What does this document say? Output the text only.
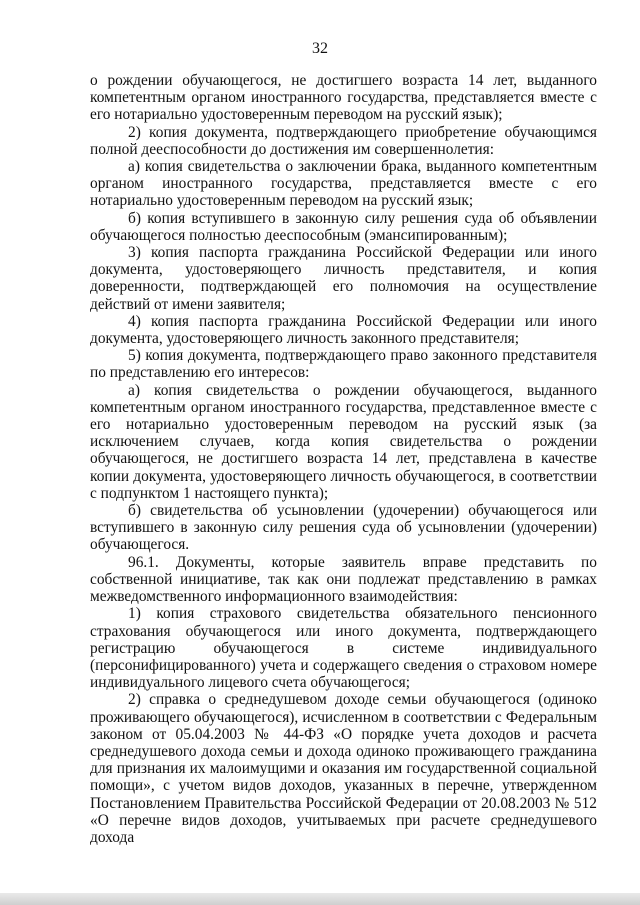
32

о рождении обучающегося, не достигшего возраста 14 лет, выданного компетентным органом иностранного государства, представляется вместе с его нотариально удостоверенным переводом на русский язык);

2) копия документа, подтверждающего приобретение обучающимся полной дееспособности до достижения им совершеннолетия:

а) копия свидетельства о заключении брака, выданного компетентным органом иностранного государства, представляется вместе с его нотариально удостоверенным переводом на русский язык;

б) копия вступившего в законную силу решения суда об объявлении обучающегося полностью дееспособным (эмансипированным);

3) копия паспорта гражданина Российской Федерации или иного документа, удостоверяющего личность представителя, и копия доверенности, подтверждающей его полномочия на осуществление действий от имени заявителя;

4) копия паспорта гражданина Российской Федерации или иного документа, удостоверяющего личность законного представителя;

5) копия документа, подтверждающего право законного представителя по представлению его интересов:

а) копия свидетельства о рождении обучающегося, выданного компетентным органом иностранного государства, представленное вместе с его нотариально удостоверенным переводом на русский язык (за исключением случаев, когда копия свидетельства о рождении обучающегося, не достигшего возраста 14 лет, представлена в качестве копии документа, удостоверяющего личность обучающегося, в соответствии с подпунктом 1 настоящего пункта);

б) свидетельства об усыновлении (удочерении) обучающегося или вступившего в законную силу решения суда об усыновлении (удочерении) обучающегося.

96.1. Документы, которые заявитель вправе представить по собственной инициативе, так как они подлежат представлению в рамках межведомственного информационного взаимодействия:

1) копия страхового свидетельства обязательного пенсионного страхования обучающегося или иного документа, подтверждающего регистрацию обучающегося в системе индивидуального (персонифицированного) учета и содержащего сведения о страховом номере индивидуального лицевого счета обучающегося;

2) справка о среднедушевом доходе семьи обучающегося (одиноко проживающего обучающегося), исчисленном в соответствии с Федеральным законом от 05.04.2003 № 44-ФЗ «О порядке учета доходов и расчета среднедушевого дохода семьи и дохода одиноко проживающего гражданина для признания их малоимущими и оказания им государственной социальной помощи», с учетом видов доходов, указанных в перечне, утвержденном Постановлением Правительства Российской Федерации от 20.08.2003 № 512 «О перечне видов доходов, учитываемых при расчете среднедушевого дохода
